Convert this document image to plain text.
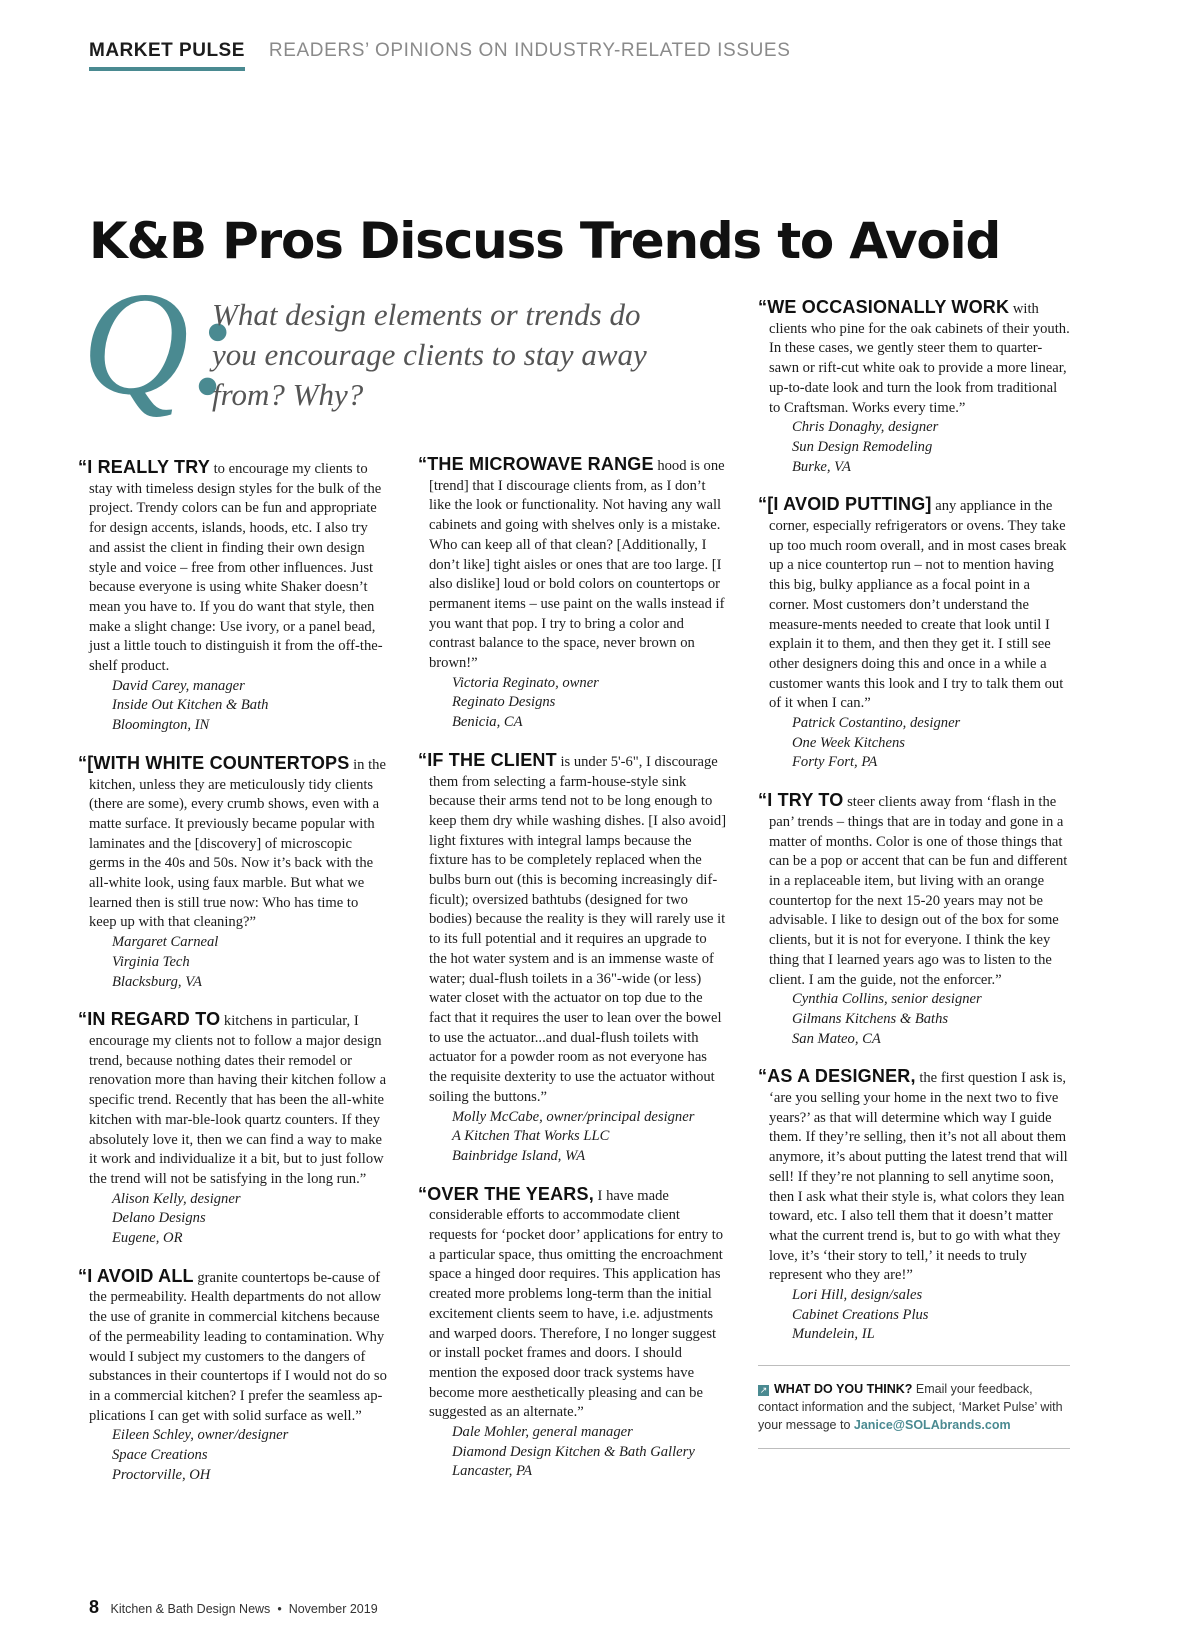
MARKET PULSE READERS’ OPINIONS ON INDUSTRY-RELATED ISSUES
K&B Pros Discuss Trends to Avoid
Q:

What design elements or trends do you encourage clients to stay away from? Why?

“I REALLY TRY to encourage my clients to stay with timeless design styles for the bulk of the project. Trendy colors can be fun and appropriate for design accents, islands, hoods, etc. I also try and assist the client in finding their own design style and voice – free from other influences. Just because everyone is using white Shaker doesn’t mean you have to. If you do want that style, then make a slight change: Use ivory, or a panel bead, just a little touch to distinguish it from the off-the-shelf product.

David Carey, manager
Inside Out Kitchen & Bath
Bloomington, IN

“[WITH WHITE COUNTERTOPS in the kitchen, unless they are meticulously tidy clients (there are some), every crumb shows, even with a matte surface. It previously became popular with laminates and the [discovery] of microscopic germs in the 40s and 50s. Now it’s back with the all-white look, using faux marble. But what we learned then is still true now: Who has time to keep up with that cleaning?”

Margaret Carneal
Virginia Tech
Blacksburg, VA

“IN REGARD TO kitchens in particular, I encourage my clients not to follow a major design trend, because nothing dates their remodel or renovation more than having their kitchen follow a specific trend. Recently that has been the all-white kitchen with mar-ble-look quartz counters. If they absolutely love it, then we can find a way to make it work and individualize it a bit, but to just follow the trend will not be satisfying in the long run.”

Alison Kelly, designer
Delano Designs
Eugene, OR

“I AVOID ALL granite countertops be-cause of the permeability. Health departments do not allow the use of granite in commercial kitchens because of the permeability leading to contamination. Why would I subject my customers to the dangers of substances in their countertops if I would not do so in a commercial kitchen? I prefer the seamless ap-plications I can get with solid surface as well.”

Eileen Schley, owner/designer
Space Creations
Proctorville, OH

“THE MICROWAVE RANGE hood is one [trend] that I discourage clients from, as I don’t like the look or functionality. Not having any wall cabinets and going with shelves only is a mistake. Who can keep all of that clean? [Additionally, I don’t like] tight aisles or ones that are too large. [I also dislike] loud or bold colors on countertops or permanent items – use paint on the walls instead if you want that pop. I try to bring a color and contrast balance to the space, never brown on brown!”

Victoria Reginato, owner
Reginato Designs
Benicia, CA

“IF THE CLIENT is under 5'-6", I discourage them from selecting a farm-house-style sink because their arms tend not to be long enough to keep them dry while washing dishes. [I also avoid] light fixtures with integral lamps because the fixture has to be completely replaced when the bulbs burn out (this is becoming increasingly dif-ficult); oversized bathtubs (designed for two bodies) because the reality is they will rarely use it to its full potential and it requires an upgrade to the hot water system and is an immense waste of water; dual-flush toilets in a 36"-wide (or less) water closet with the actuator on top due to the fact that it requires the user to lean over the bowel to use the actuator...and dual-flush toilets with actuator for a powder room as not everyone has the requisite dexterity to use the actuator without soiling the buttons.”

Molly McCabe, owner/principal designer
A Kitchen That Works LLC
Bainbridge Island, WA

“OVER THE YEARS, I have made considerable efforts to accommodate client requests for ‘pocket door’ applications for entry to a particular space, thus omitting the encroachment space a hinged door requires. This application has created more problems long-term than the initial excitement clients seem to have, i.e. adjustments and warped doors. Therefore, I no longer suggest or install pocket frames and doors. I should mention the exposed door track systems have become more aesthetically pleasing and can be suggested as an alternate.”

Dale Mohler, general manager
Diamond Design Kitchen & Bath Gallery
Lancaster, PA

“WE OCCASIONALLY WORK with clients who pine for the oak cabinets of their youth. In these cases, we gently steer them to quarter-sawn or rift-cut white oak to provide a more linear, up-to-date look and turn the look from traditional to Craftsman. Works every time.”

Chris Donaghy, designer
Sun Design Remodeling
Burke, VA

“[I AVOID PUTTING] any appliance in the corner, especially refrigerators or ovens. They take up too much room overall, and in most cases break up a nice countertop run – not to mention having this big, bulky appliance as a focal point in a corner. Most customers don’t understand the measure-ments needed to create that look until I explain it to them, and then they get it. I still see other designers doing this and once in a while a customer wants this look and I try to talk them out of it when I can.”

Patrick Costantino, designer
One Week Kitchens
Forty Fort, PA

“I TRY TO steer clients away from ‘flash in the pan’ trends – things that are in today and gone in a matter of months. Color is one of those things that can be a pop or accent that can be fun and different in a replaceable item, but living with an orange countertop for the next 15-20 years may not be advisable. I like to design out of the box for some clients, but it is not for everyone. I think the key thing that I learned years ago was to listen to the client. I am the guide, not the enforcer.”

Cynthia Collins, senior designer
Gilmans Kitchens & Baths
San Mateo, CA

“AS A DESIGNER, the first question I ask is, ‘are you selling your home in the next two to five years?’ as that will determine which way I guide them. If they’re selling, then it’s not all about them anymore, it’s about putting the latest trend that will sell! If they’re not planning to sell anytime soon, then I ask what their style is, what colors they lean toward, etc. I also tell them that it doesn’t matter what the current trend is, but to go with what they love, it’s ‘their story to tell,’ it needs to truly represent who they are!”

Lori Hill, design/sales
Cabinet Creations Plus
Mundelein, IL
↗ WHAT DO YOU THINK? Email your feedback, contact information and the subject, ‘Market Pulse’ with your message to Janice@SOLAbrands.com
8 Kitchen & Bath Design News • November 2019
